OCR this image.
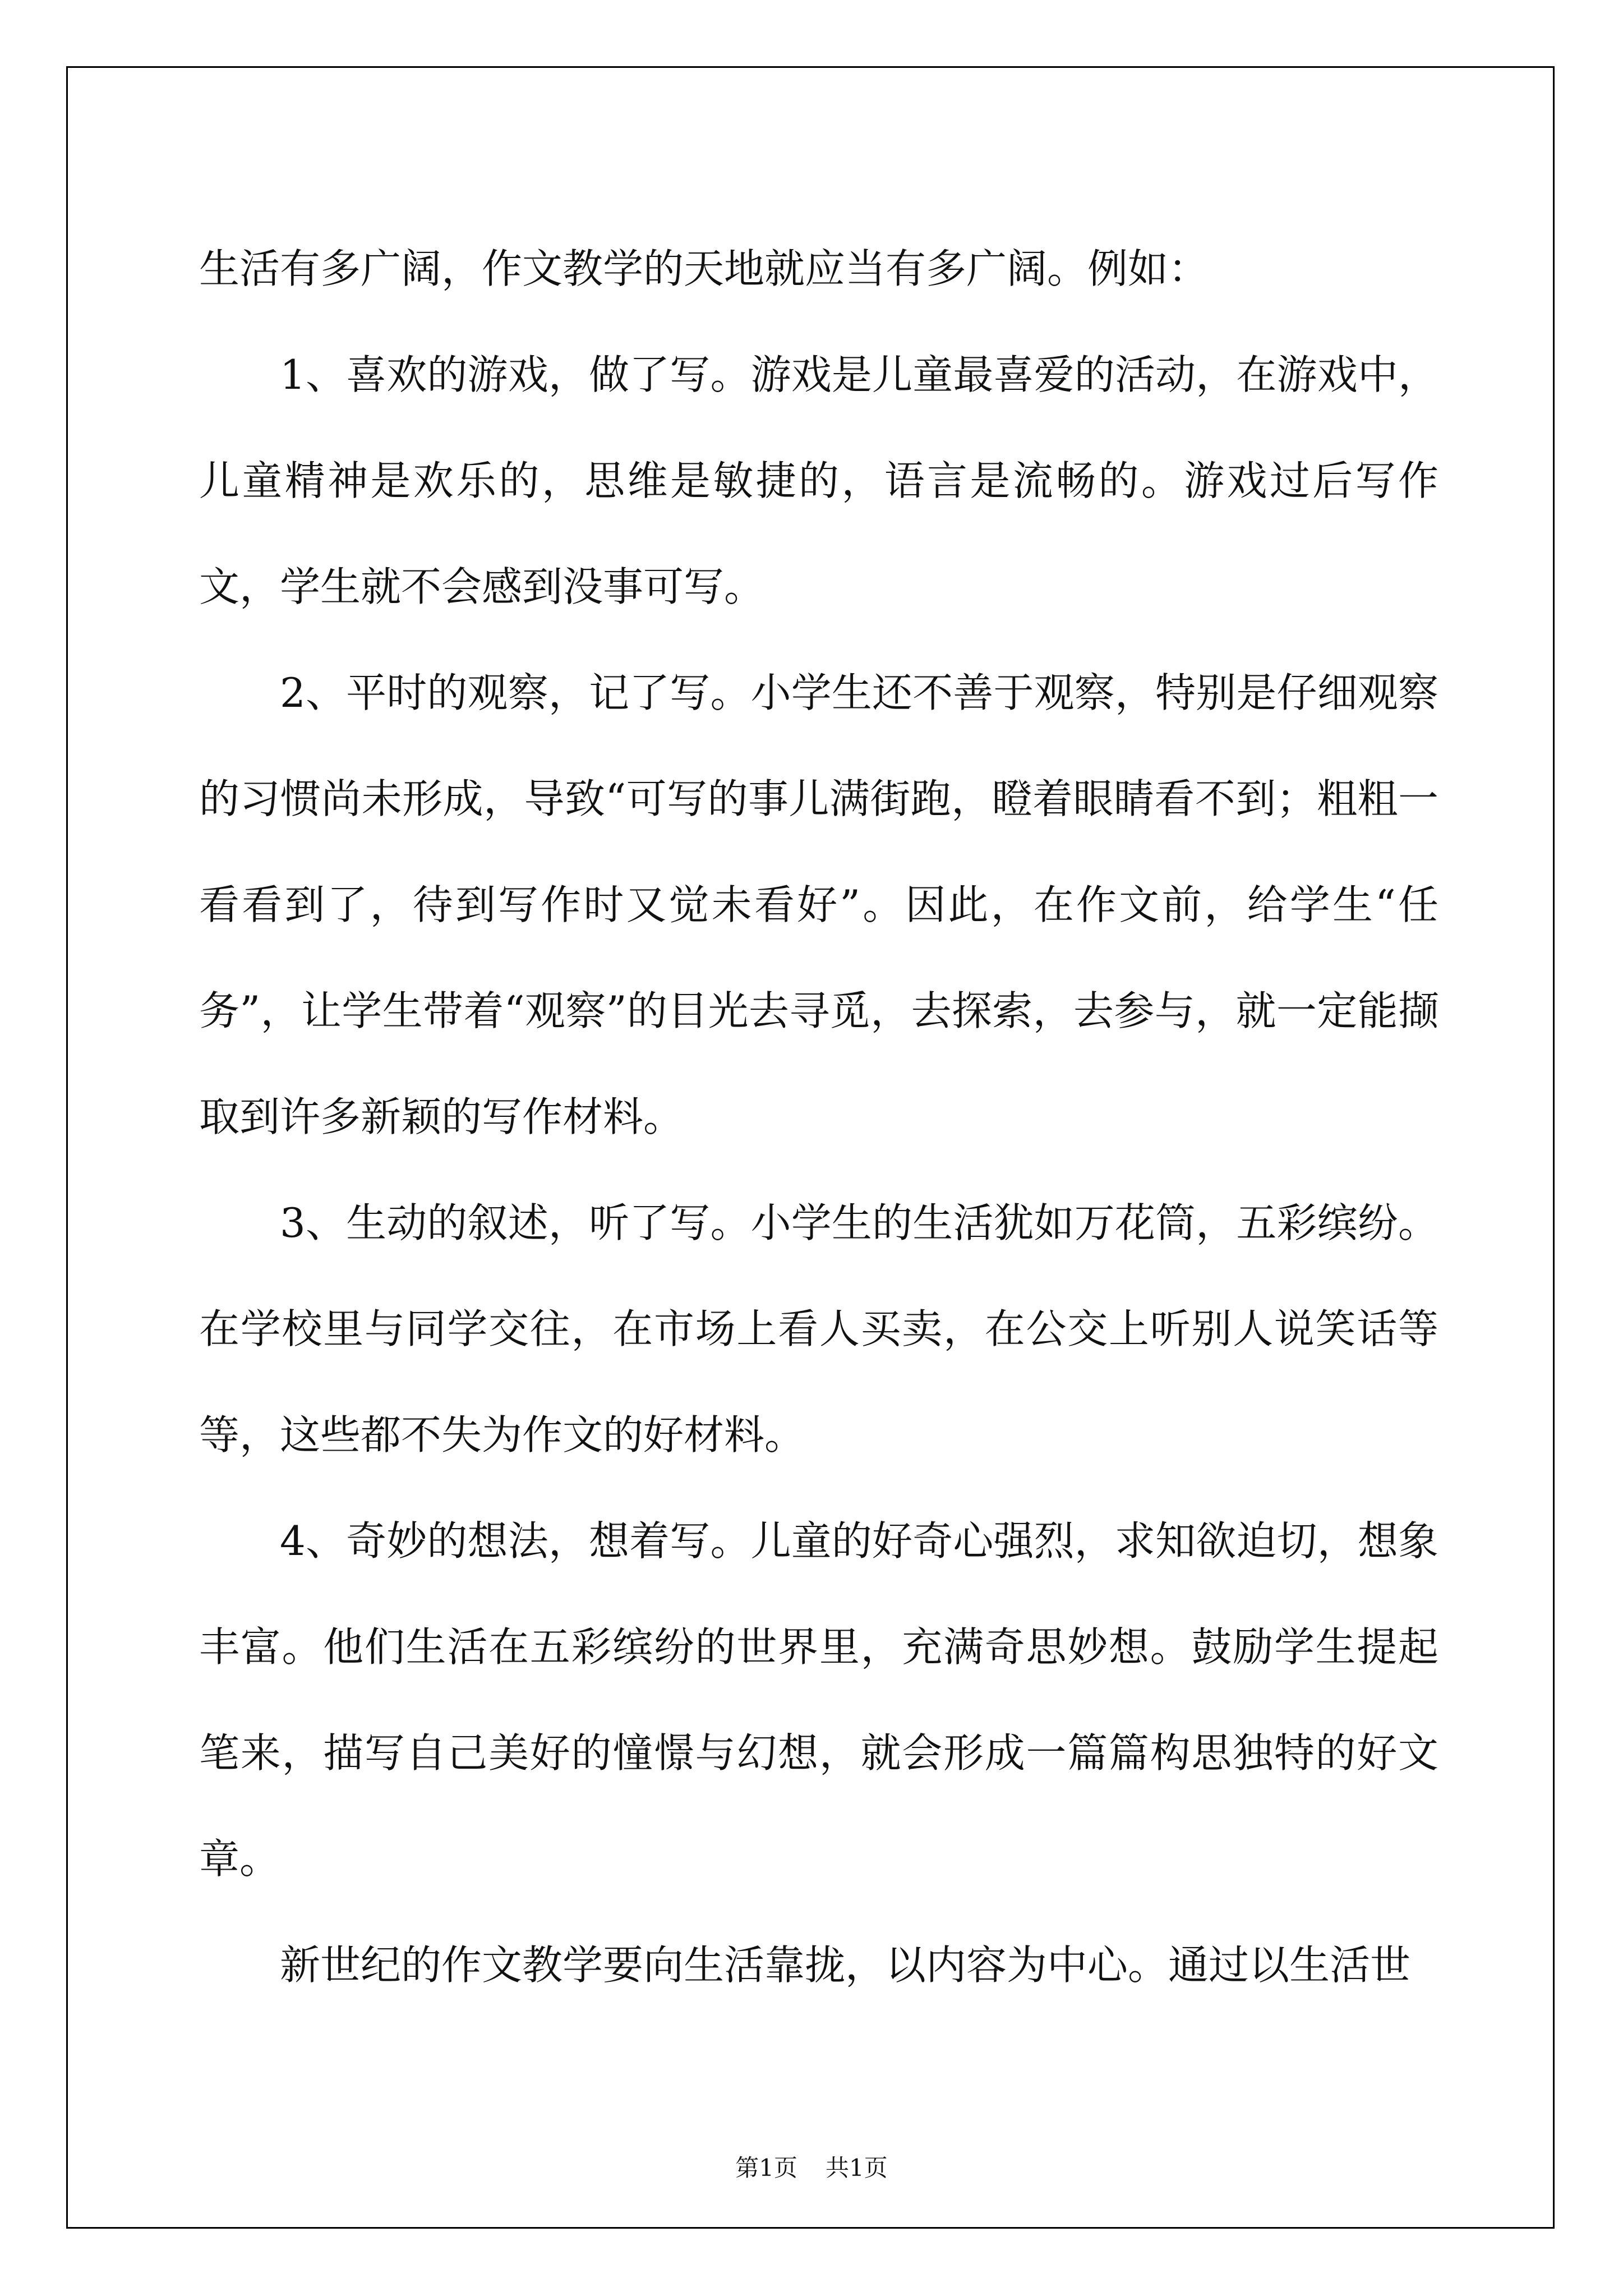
生活有多广阔，作文教学的天地就应当有多广阔。例如：

1、喜欢的游戏，做了写。游戏是儿童最喜爱的活动，在游戏中，儿童精神是欢乐的，思维是敏捷的，语言是流畅的。游戏过后写作文，学生就不会感到没事可写。

2、平时的观察，记了写。小学生还不善于观察，特别是仔细观察的习惯尚未形成，导致“可写的事儿满街跑，瞪着眼睛看不到；粗粗一看看到了，待到写作时又觉未看好”。因此，在作文前，给学生“任务”，让学生带着“观察”的目光去寻觅，去探索，去参与，就一定能撷取到许多新颖的写作材料。

3、生动的叙述，听了写。小学生的生活犹如万花筒，五彩缤纷。在学校里与同学交往，在市场上看人买卖，在公交上听别人说笑话等等，这些都不失为作文的好材料。

4、奇妙的想法，想着写。儿童的好奇心强烈，求知欲迫切，想象丰富。他们生活在五彩缤纷的世界里，充满奇思妙想。鼓励学生提起笔来，描写自己美好的憧憬与幻想，就会形成一篇篇构思独特的好文章。

新世纪的作文教学要向生活靠拢，以内容为中心。通过以生活世

第1页 共1页
